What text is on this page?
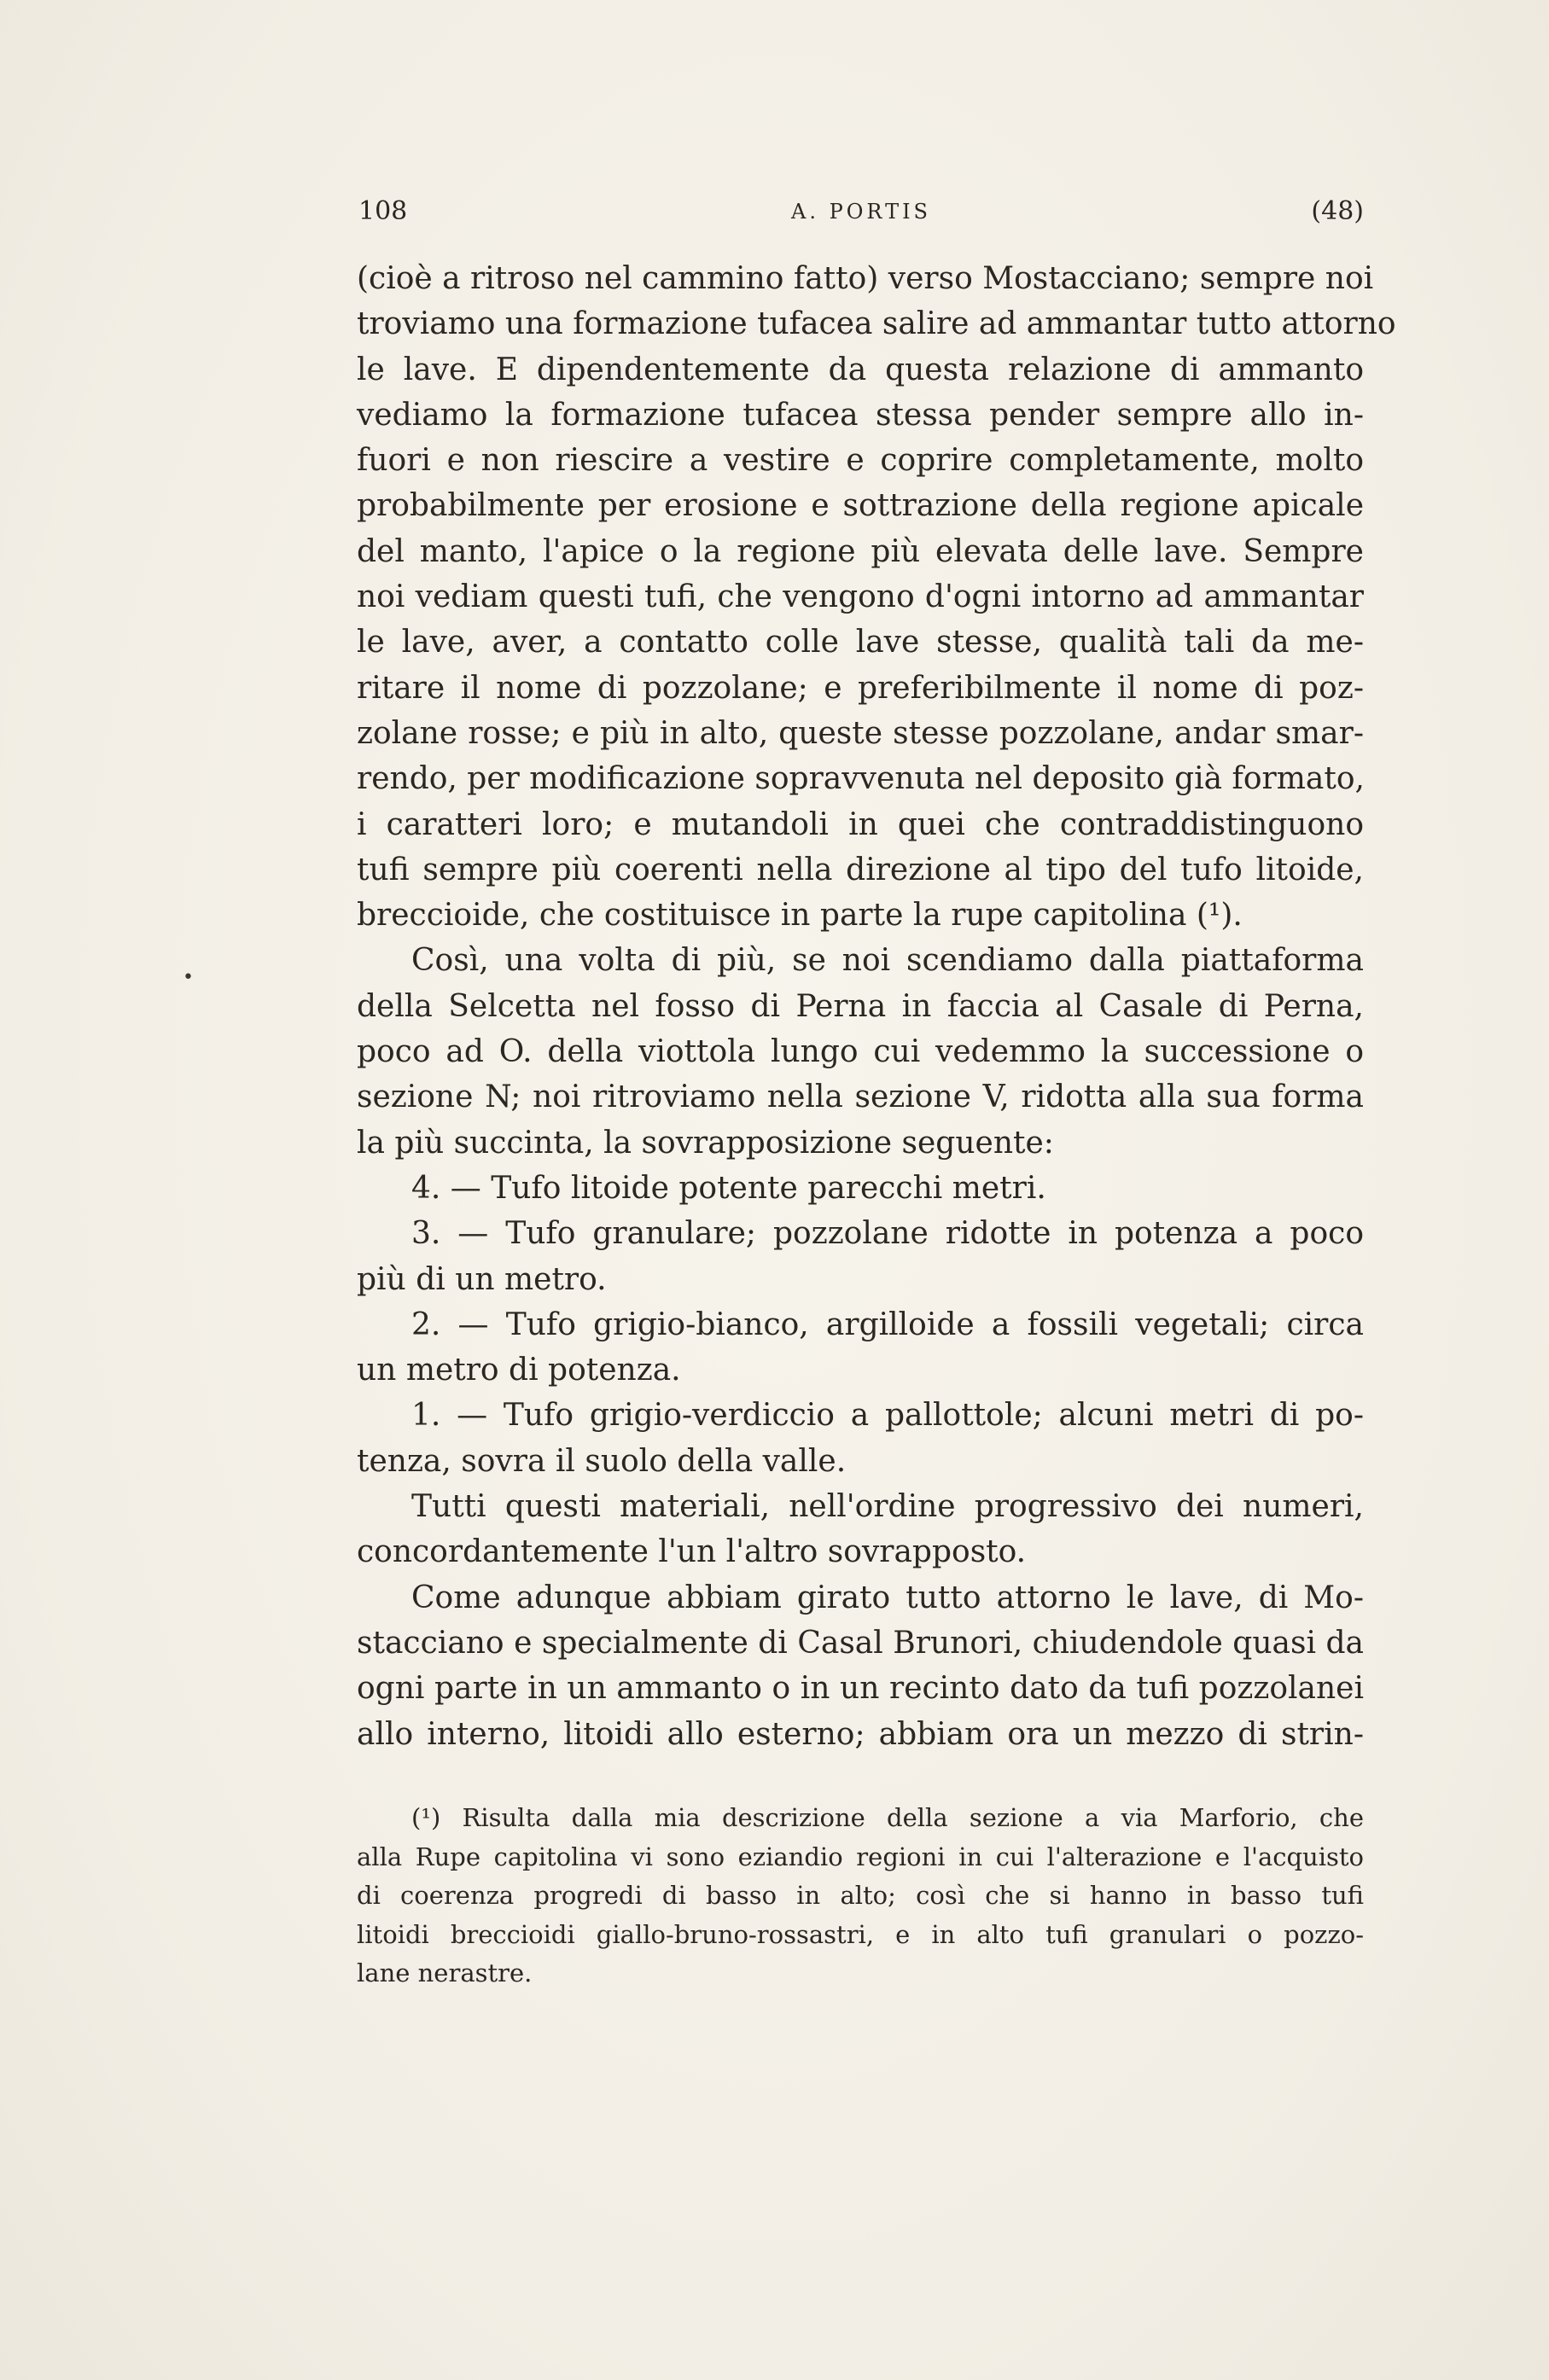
108	A. PORTIS	(48)
•
(cioè a ritroso nel cammino fatto) verso Mostacciano; sempre noi
troviamo una formazione tufacea salire ad ammantar tutto attorno
le lave. E dipendentemente da questa relazione di ammanto
vediamo la formazione tufacea stessa pender sempre allo in-
fuori e non riescire a vestire e coprire completamente, molto
probabilmente per erosione e sottrazione della regione apicale
del manto, l'apice o la regione più elevata delle lave. Sempre
noi vediam questi tufi, che vengono d'ogni intorno ad ammantar
le lave, aver, a contatto colle lave stesse, qualità tali da me-
ritare il nome di pozzolane; e preferibilmente il nome di poz-
zolane rosse; e più in alto, queste stesse pozzolane, andar smar-
rendo, per modificazione sopravvenuta nel deposito già formato,
i caratteri loro; e mutandoli in quei che contraddistinguono
tufi sempre più coerenti nella direzione al tipo del tufo litoide,
breccioide, che costituisce in parte la rupe capitolina (¹).
Così, una volta di più, se noi scendiamo dalla piattaforma
della Selcetta nel fosso di Perna in faccia al Casale di Perna,
poco ad O. della viottola lungo cui vedemmo la successione o
sezione N; noi ritroviamo nella sezione V, ridotta alla sua forma
la più succinta, la sovrapposizione seguente:
4. — Tufo litoide potente parecchi metri.
3. — Tufo granulare; pozzolane ridotte in potenza a poco
più di un metro.
2. — Tufo grigio-bianco, argilloide a fossili vegetali; circa
un metro di potenza.
1. — Tufo grigio-verdiccio a pallottole; alcuni metri di po-
tenza, sovra il suolo della valle.
Tutti questi materiali, nell'ordine progressivo dei numeri,
concordantemente l'un l'altro sovrapposto.
Come adunque abbiam girato tutto attorno le lave, di Mo-
stacciano e specialmente di Casal Brunori, chiudendole quasi da
ogni parte in un ammanto o in un recinto dato da tufi pozzolanei
allo interno, litoidi allo esterno; abbiam ora un mezzo di strin-
(¹) Risulta dalla mia descrizione della sezione a via Marforio, che
alla Rupe capitolina vi sono eziandio regioni in cui l'alterazione e l'acquisto
di coerenza progredi di basso in alto; così che si hanno in basso tufi
litoidi breccioidi giallo-bruno-rossastri, e in alto tufi granulari o pozzo-
lane nerastre.
